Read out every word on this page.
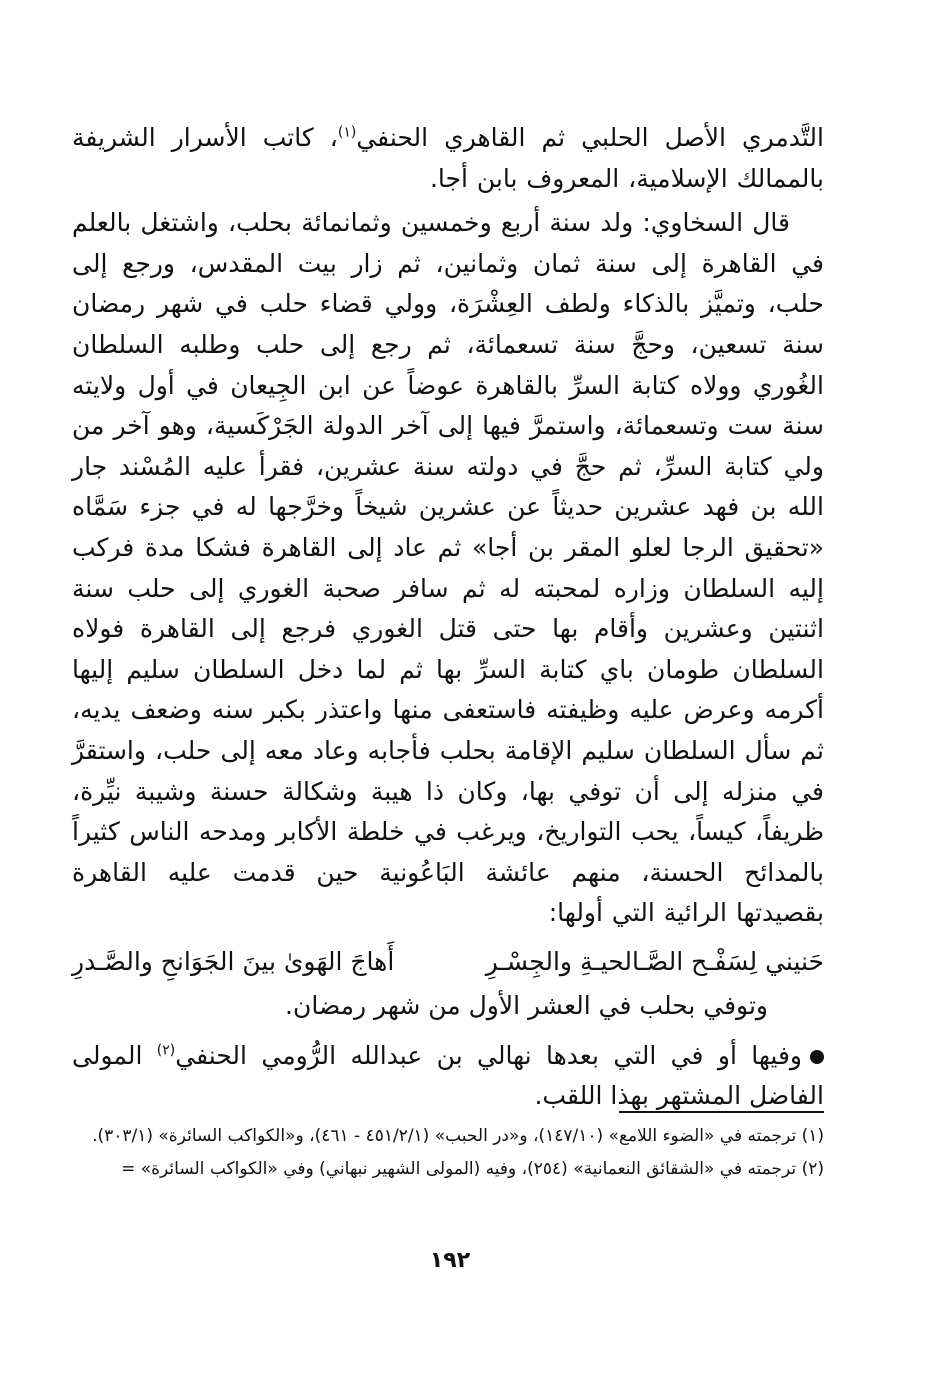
التَّدمري الأصل الحلبي ثم القاهري الحنفي$^{(١)}$، كاتب الأسرار الشريفة بالممالك الإسلامية، المعروف بابن أجا.

قال السخاوي: ولد سنة أربع وخمسين وثمانمائة بحلب، واشتغل بالعلم في القاهرة إلى سنة ثمان وثمانين، ثم زار بيت المقدس، ورجع إلى حلب، وتميَّز بالذكاء ولطف العِشْرَة، وولي قضاء حلب في شهر رمضان سنة تسعين، وحجَّ سنة تسعمائة، ثم رجع إلى حلب وطلبه السلطان الغُوري وولاه كتابة السرِّ بالقاهرة عوضاً عن ابن الجِيعان في أول ولايته سنة ست وتسعمائة، واستمرَّ فيها إلى آخر الدولة الجَرْكَسية، وهو آخر من ولي كتابة السرِّ، ثم حجَّ في دولته سنة عشرين، فقرأ عليه المُسْند جار الله بن فهد عشرين حديثاً عن عشرين شيخاً وخرَّجها له في جزء سَمَّاه «تحقيق الرجا لعلو المقر بن أجا» ثم عاد إلى القاهرة فشكا مدة فركب إليه السلطان وزاره لمحبته له ثم سافر صحبة الغوري إلى حلب سنة اثنتين وعشرين وأقام بها حتى قتل الغوري فرجع إلى القاهرة فولاه السلطان طومان باي كتابة السرِّ بها ثم لما دخل السلطان سليم إليها أكرمه وعرض عليه وظيفته فاستعفى منها واعتذر بكبر سنه وضعف يديه، ثم سأل السلطان سليم الإقامة بحلب فأجابه وعاد معه إلى حلب، واستقرَّ في منزله إلى أن توفي بها، وكان ذا هيبة وشكالة حسنة وشيبة نيِّرة، ظريفاً، كيساً، يحب التواريخ، ويرغب في خلطة الأكابر ومدحه الناس كثيراً بالمدائح الحسنة، منهم عائشة البَاعُونية حين قدمت عليه القاهرة بقصيدتها الرائية التي أولها:

حَنيني لِسَفْـح الصَّـالحيـةِ والجِسْـرِ
أَهاجَ الهَوىٰ بينَ الجَوَانحِ والصَّـدرِ

وتوفي بحلب في العشر الأول من شهر رمضان.

وفيها أو في التي بعدها نهالي بن عبدالله الرُّومي الحنفي$^{(٢)}$ المولى الفاضل المشتهر بهذا اللقب.

(١) ترجمته في «الضوء اللامع» (١٤٧/١٠)، و«در الحبب» (٤٥١/٢/١ - ٤٦١)، و«الكواكب السائرة» (٣٠٣/١).

(٢) ترجمته في «الشقائق النعمانية» (٢٥٤)، وفيه (المولى الشهير نبهاني) وفي «الكواكب السائرة» =

١٩٢
